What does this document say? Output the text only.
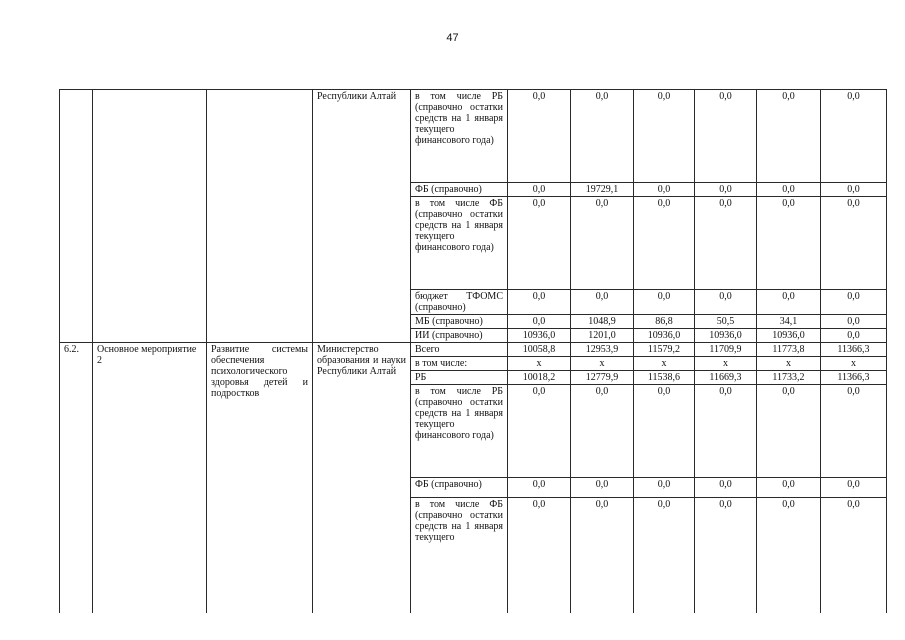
47
			Республики Алтай	в том числе РБ (справочно остатки средств на 1 января текущего финансового года)	0,0	0,0	0,0	0,0	0,0	0,0
				ФБ (справочно)	0,0	19729,1	0,0	0,0	0,0	0,0
				в том числе ФБ (справочно остатки средств на 1 января текущего финансового года)	0,0	0,0	0,0	0,0	0,0	0,0
				бюджет ТФОМС (справочно)	0,0	0,0	0,0	0,0	0,0	0,0
				МБ (справочно)	0,0	1048,9	86,8	50,5	34,1	0,0
				ИИ (справочно)	10936,0	1201,0	10936,0	10936,0	10936,0	0,0
6.2.	Основное мероприятие 2	Развитие системы обеспечения психологического здоровья детей и подростков	Министерство образования и науки Республики Алтай	Всего	10058,8	12953,9	11579,2	11709,9	11773,8	11366,3
				в том числе:	х	х	х	х	х	х
				РБ	10018,2	12779,9	11538,6	11669,3	11733,2	11366,3
				в том числе РБ (справочно остатки средств на 1 января текущего финансового года)	0,0	0,0	0,0	0,0	0,0	0,0
				ФБ (справочно)	0,0	0,0	0,0	0,0	0,0	0,0
				в том числе ФБ (справочно остатки средств на 1 января текущего	0,0	0,0	0,0	0,0	0,0	0,0
